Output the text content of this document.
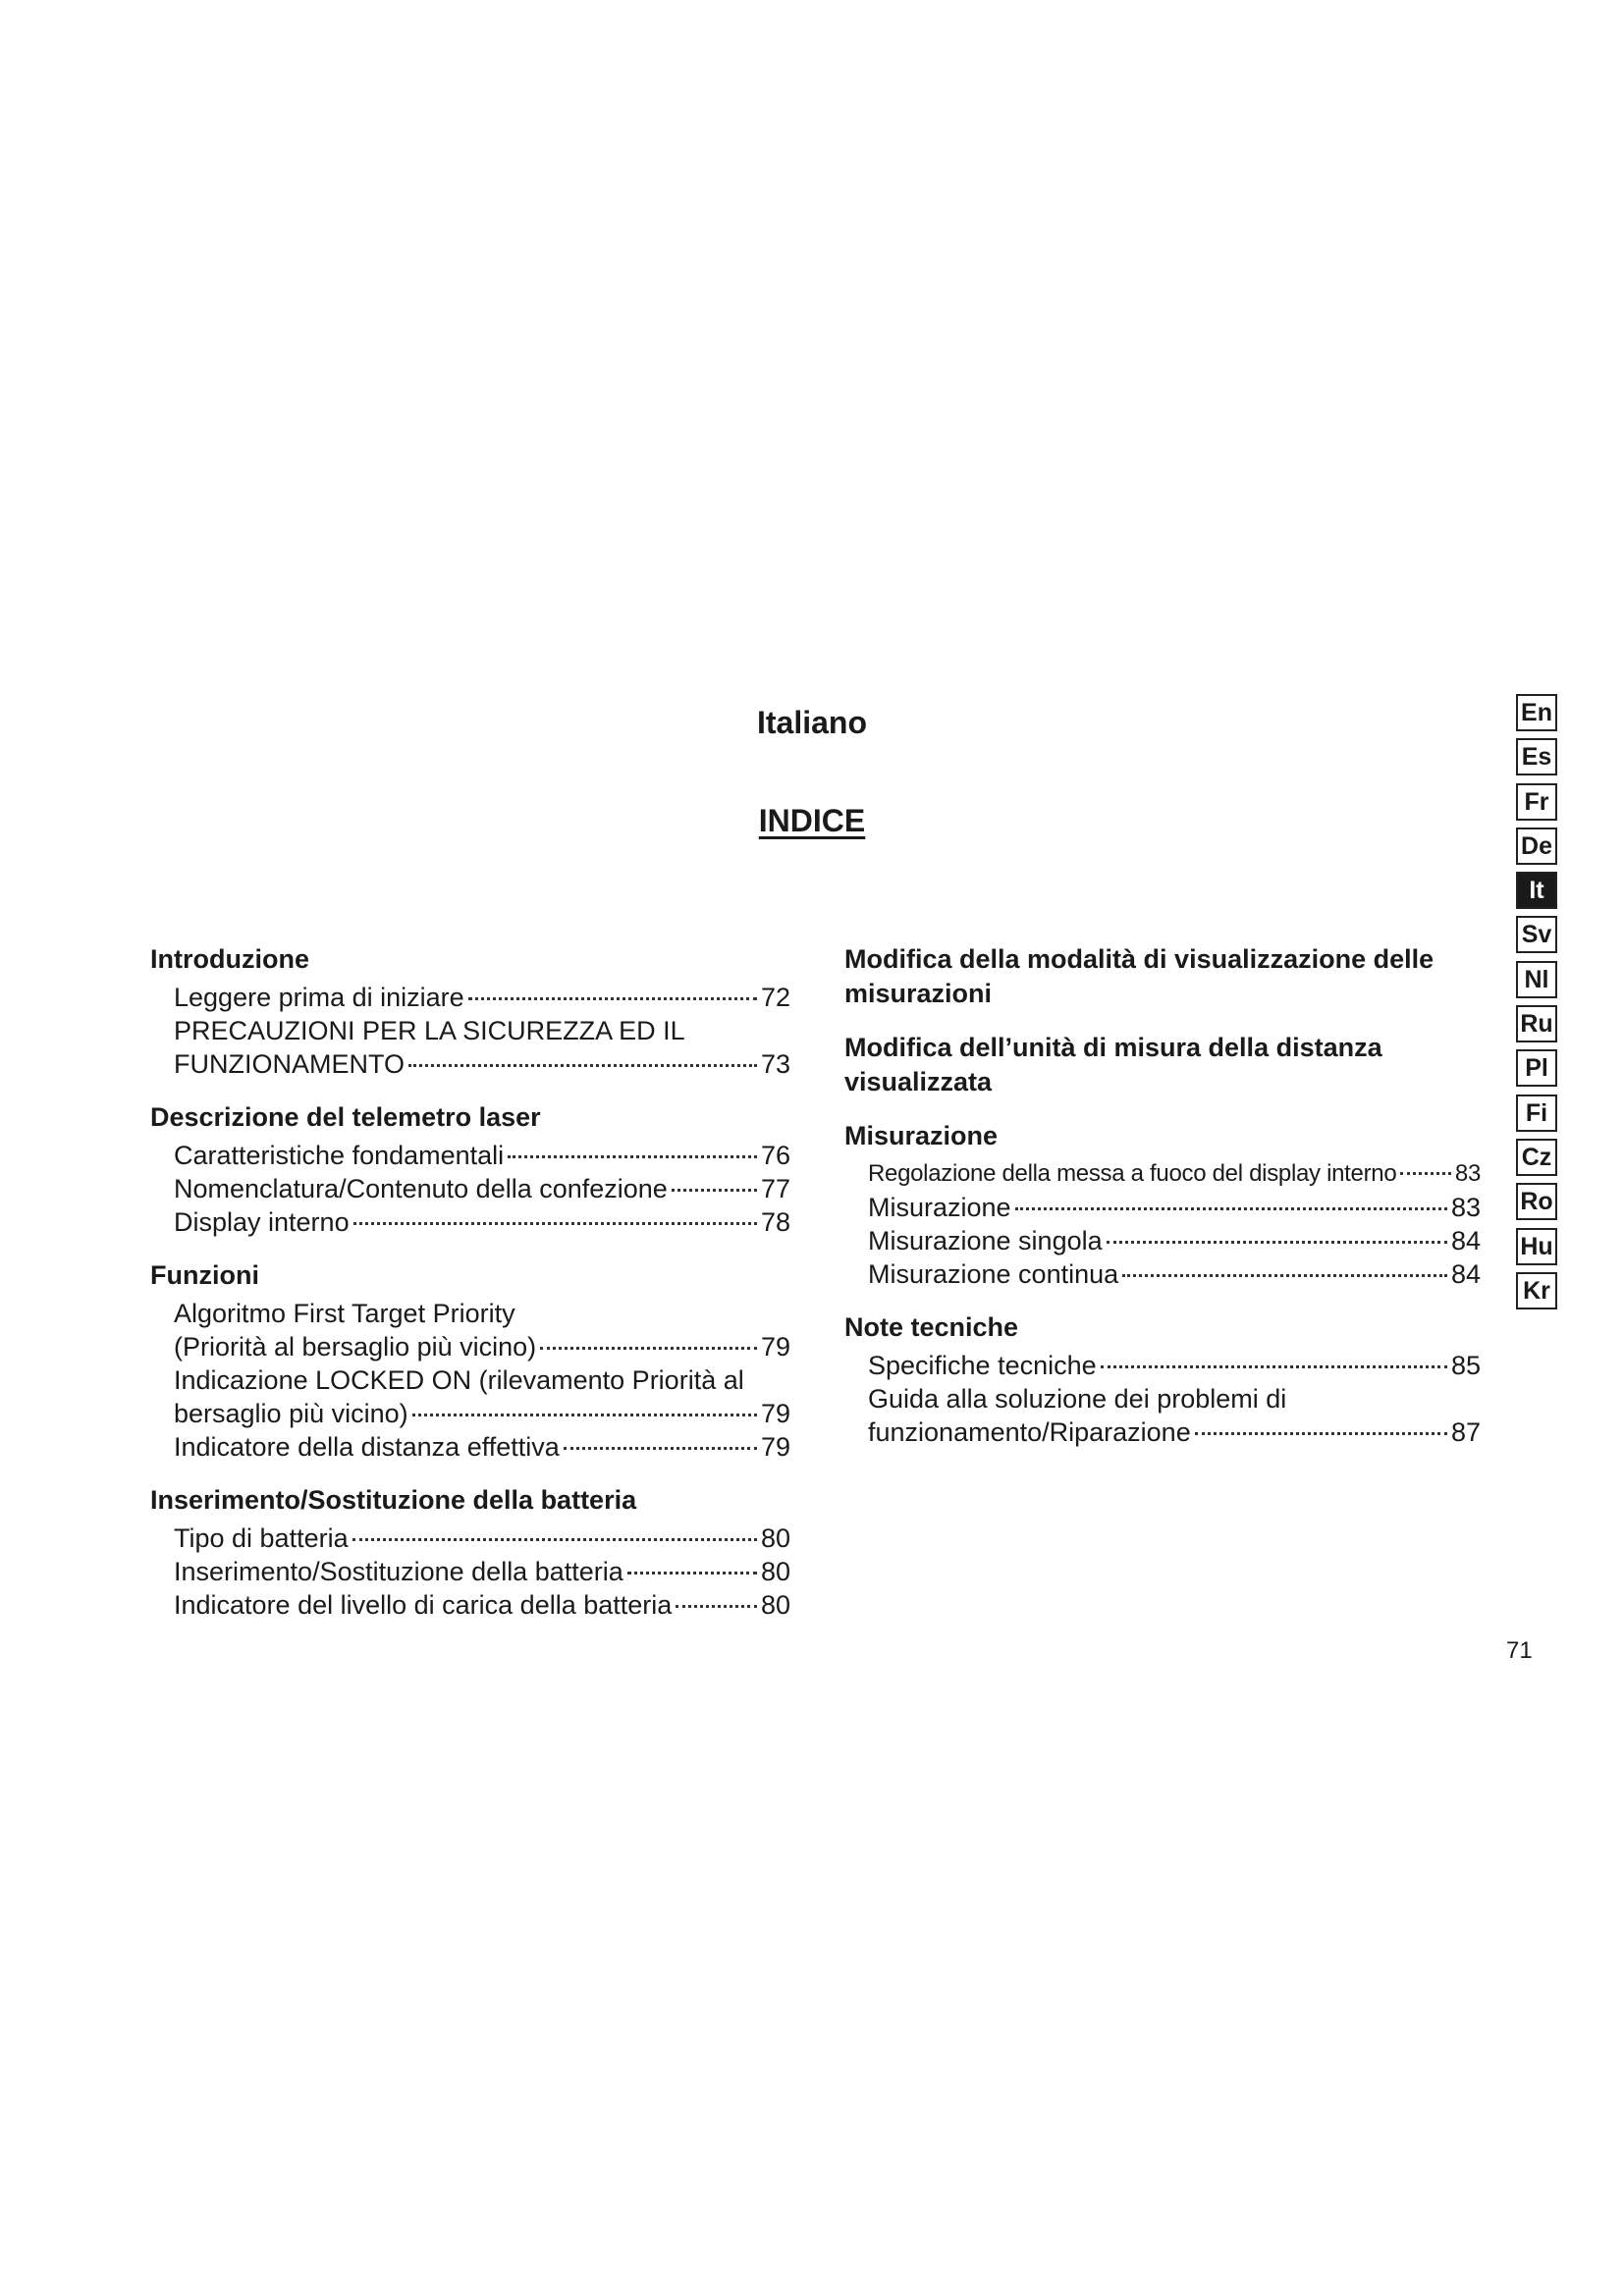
Italiano
INDICE
Introduzione
Leggere prima di iniziare	72
PRECAUZIONI PER LA SICUREZZA ED IL
FUNZIONAMENTO	73
Descrizione del telemetro laser
Caratteristiche fondamentali	76
Nomenclatura/Contenuto della confezione	77
Display interno	78
Funzioni
Algoritmo First Target Priority
(Priorità al bersaglio più vicino)	79
Indicazione LOCKED ON (rilevamento Priorità al
bersaglio più vicino)	79
Indicatore della distanza effettiva	79
Inserimento/Sostituzione della batteria
Tipo di batteria	80
Inserimento/Sostituzione della batteria	80
Indicatore del livello di carica della batteria	80
Modifica della modalità di visualizzazione delle misurazioni
Modifica dell’unità di misura della distanza visualizzata
Misurazione
Regolazione della messa a fuoco del display interno 83
Misurazione	83
Misurazione singola	84
Misurazione continua	84
Note tecniche
Specifiche tecniche	85
Guida alla soluzione dei problemi di
funzionamento/Riparazione	87
En
Es
Fr
De
It
Sv
Nl
Ru
Pl
Fi
Cz
Ro
Hu
Kr
71
